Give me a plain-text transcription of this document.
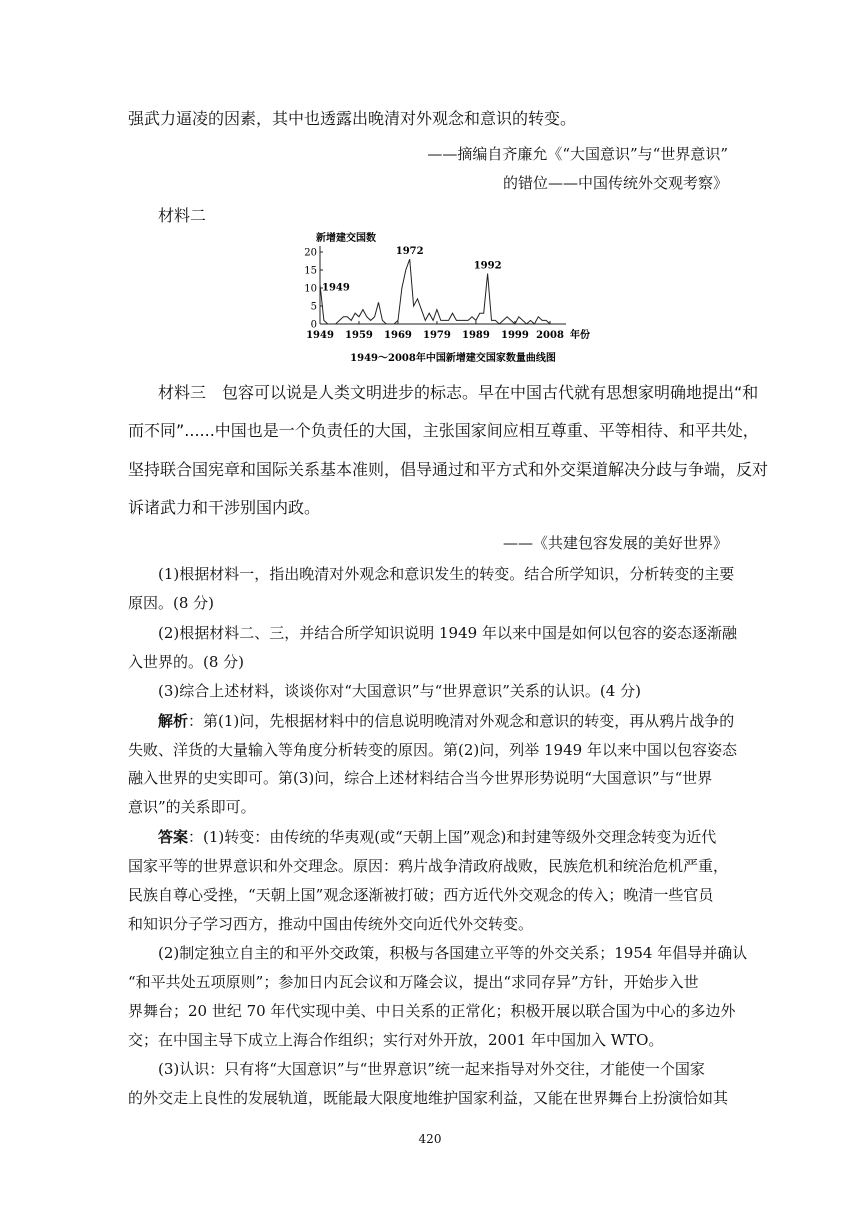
强武力逼凌的因素，其中也透露出晚清对外观念和意识的转变。
——摘编自齐廉允《“大国意识”与“世界意识”
的错位——中国传统外交观考察》
材料二
新增建交国数
0
5
10
15
20
1949 1959 1969 1979 1989 1999 2008
1972
1949
1992
年份
1949～2008年中国新增建交国家数量曲线图
材料三　包容可以说是人类文明进步的标志。早在中国古代就有思想家明确地提出“和
而不同”......中国也是一个负责任的大国，主张国家间应相互尊重、平等相待、和平共处，
坚持联合国宪章和国际关系基本准则，倡导通过和平方式和外交渠道解决分歧与争端，反对
诉诸武力和干涉别国内政。
——《共建包容发展的美好世界》
(1)根据材料一，指出晚清对外观念和意识发生的转变。结合所学知识，分析转变的主要
原因。(8 分)
(2)根据材料二、三，并结合所学知识说明 1949 年以来中国是如何以包容的姿态逐渐融
入世界的。(8 分)
(3)综合上述材料，谈谈你对“大国意识”与“世界意识”关系的认识。(4 分)
解析：第(1)问，先根据材料中的信息说明晚清对外观念和意识的转变，再从鸦片战争的
失败、洋货的大量输入等角度分析转变的原因。第(2)问，列举 1949 年以来中国以包容姿态
融入世界的史实即可。第(3)问，综合上述材料结合当今世界形势说明“大国意识”与“世界
意识”的关系即可。
答案：(1)转变：由传统的华夷观(或“天朝上国”观念)和封建等级外交理念转变为近代
国家平等的世界意识和外交理念。原因：鸦片战争清政府战败，民族危机和统治危机严重，
民族自尊心受挫，“天朝上国”观念逐渐被打破；西方近代外交观念的传入；晚清一些官员
和知识分子学习西方，推动中国由传统外交向近代外交转变。
(2)制定独立自主的和平外交政策，积极与各国建立平等的外交关系；1954 年倡导并确认
“和平共处五项原则”；参加日内瓦会议和万隆会议，提出“求同存异”方针，开始步入世
界舞台；20 世纪 70 年代实现中美、中日关系的正常化；积极开展以联合国为中心的多边外
交；在中国主导下成立上海合作组织；实行对外开放，2001 年中国加入 WTO。
(3)认识：只有将“大国意识”与“世界意识”统一起来指导对外交往，才能使一个国家
的外交走上良性的发展轨道，既能最大限度地维护国家利益，又能在世界舞台上扮演恰如其
420
